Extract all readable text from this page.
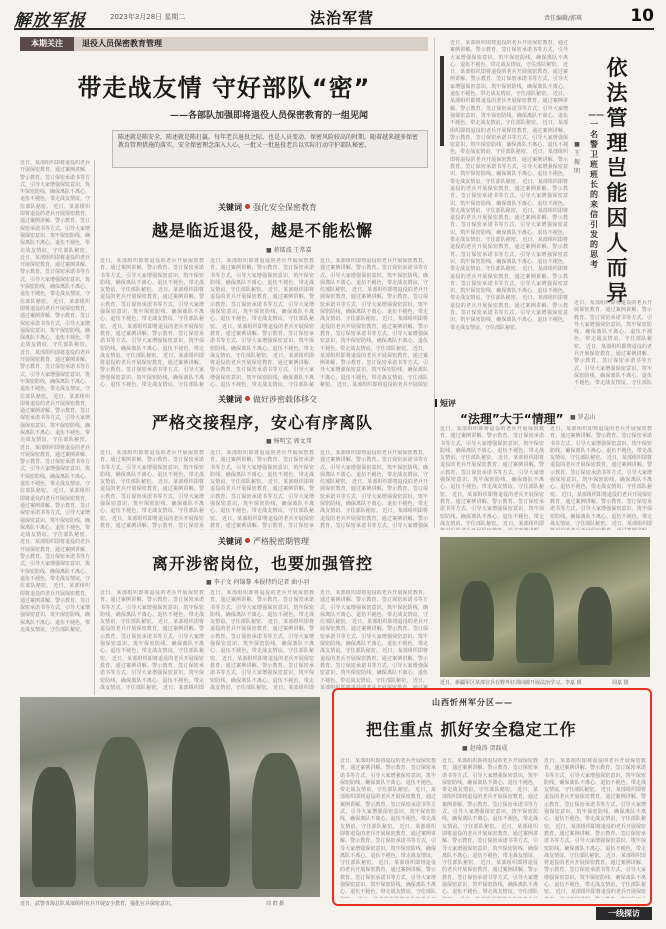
解放军报	2023年3月28日 星期二	法治军营	责任编辑/郭琪	10
本期关注	退役人员保密教育管理
带走战友情 守好部队“密”
——各部队加强即将退役人员保密教育的一组见闻
陈述就是陈安全，陈述就是陈打赢。每年老兵退役之际，也是人员变动、保密风险较高的时期。随着越来越多保密教育管理措施的落实，安全保密理念深入人心，一批又一批退役老兵以实际行动守护部队秘密。
近日，某部组织即将退役的老兵开展保密教育，通过案例讲解、警示教育、签订保密承诺书等方式，引导大家增强保密意识，筑牢保密防线，确保离队不离心、退伍不褪色，带走战友情谊，守住部队秘密。 近日，某部组织即将退役的老兵开展保密教育，通过案例讲解、警示教育、签订保密承诺书等方式，引导大家增强保密意识，筑牢保密防线，确保离队不离心、退伍不褪色，带走战友情谊，守住部队秘密。 近日，某部组织即将退役的老兵开展保密教育，通过案例讲解、警示教育、签订保密承诺书等方式，引导大家增强保密意识，筑牢保密防线，确保离队不离心、退伍不褪色，带走战友情谊，守住部队秘密。 近日，某部组织即将退役的老兵开展保密教育，通过案例讲解、警示教育、签订保密承诺书等方式，引导大家增强保密意识，筑牢保密防线，确保离队不离心、退伍不褪色，带走战友情谊，守住部队秘密。 近日，某部组织即将退役的老兵开展保密教育，通过案例讲解、警示教育、签订保密承诺书等方式，引导大家增强保密意识，筑牢保密防线，确保离队不离心、退伍不褪色，带走战友情谊，守住部队秘密。 近日，某部组织即将退役的老兵开展保密教育，通过案例讲解、警示教育、签订保密承诺书等方式，引导大家增强保密意识，筑牢保密防线，确保离队不离心、退伍不褪色，带走战友情谊，守住部队秘密。 近日，某部组织即将退役的老兵开展保密教育，通过案例讲解、警示教育、签订保密承诺书等方式，引导大家增强保密意识，筑牢保密防线，确保离队不离心、退伍不褪色，带走战友情谊，守住部队秘密。 近日，某部组织即将退役的老兵开展保密教育，通过案例讲解、警示教育、签订保密承诺书等方式，引导大家增强保密意识，筑牢保密防线，确保离队不离心、退伍不褪色，带走战友情谊，守住部队秘密。 近日，某部组织即将退役的老兵开展保密教育，通过案例讲解、警示教育、签订保密承诺书等方式，引导大家增强保密意识，筑牢保密防线，确保离队不离心、退伍不褪色，带走战友情谊，守住部队秘密。 近日，某部组织即将退役的老兵开展保密教育，通过案例讲解、警示教育、签订保密承诺书等方式，引导大家增强保密意识，筑牢保密防线，确保离队不离心、退伍不褪色，带走战友情谊，守住部队秘密。
关键词 强化安全保密教育
越是临近退役，越是不能松懈
■ 蒋镭波 王常嘉
近日，某部组织即将退役的老兵开展保密教育，通过案例讲解、警示教育、签订保密承诺书等方式，引导大家增强保密意识，筑牢保密防线，确保离队不离心、退伍不褪色，带走战友情谊，守住部队秘密。 近日，某部组织即将退役的老兵开展保密教育，通过案例讲解、警示教育、签订保密承诺书等方式，引导大家增强保密意识，筑牢保密防线，确保离队不离心、退伍不褪色，带走战友情谊，守住部队秘密。 近日，某部组织即将退役的老兵开展保密教育，通过案例讲解、警示教育、签订保密承诺书等方式，引导大家增强保密意识，筑牢保密防线，确保离队不离心、退伍不褪色，带走战友情谊，守住部队秘密。 近日，某部组织即将退役的老兵开展保密教育，通过案例讲解、警示教育、签订保密承诺书等方式，引导大家增强保密意识，筑牢保密防线，确保离队不离心、退伍不褪色，带走战友情谊，守住部队秘
近日，某部组织即将退役的老兵开展保密教育，通过案例讲解、警示教育、签订保密承诺书等方式，引导大家增强保密意识，筑牢保密防线，确保离队不离心、退伍不褪色，带走战友情谊，守住部队秘密。 近日，某部组织即将退役的老兵开展保密教育，通过案例讲解、警示教育、签订保密承诺书等方式，引导大家增强保密意识，筑牢保密防线，确保离队不离心、退伍不褪色，带走战友情谊，守住部队秘密。 近日，某部组织即将退役的老兵开展保密教育，通过案例讲解、警示教育、签订保密承诺书等方式，引导大家增强保密意识，筑牢保密防线，确保离队不离心、退伍不褪色，带走战友情谊，守住部队秘密。 近日，某部组织即将退役的老兵开展保密教育，通过案例讲解、警示教育、签订保密承诺书等方式，引导大家增强保密意识，筑牢保密防线，确保离队不离心、退伍不褪色，带走战友情谊，守住部队秘
近日，某部组织即将退役的老兵开展保密教育，通过案例讲解、警示教育、签订保密承诺书等方式，引导大家增强保密意识，筑牢保密防线，确保离队不离心、退伍不褪色，带走战友情谊，守住部队秘密。 近日，某部组织即将退役的老兵开展保密教育，通过案例讲解、警示教育、签订保密承诺书等方式，引导大家增强保密意识，筑牢保密防线，确保离队不离心、退伍不褪色，带走战友情谊，守住部队秘密。 近日，某部组织即将退役的老兵开展保密教育，通过案例讲解、警示教育、签订保密承诺书等方式，引导大家增强保密意识，筑牢保密防线，确保离队不离心、退伍不褪色，带走战友情谊，守住部队秘密。 近日，某部组织即将退役的老兵开展保密教育，通过案例讲解、警示教育、签订保密承诺书等方式，引导大家增强保密意识，筑牢保密防线，确保离队不离心、退伍不褪色，带走战友情谊，守住部队秘密。 近日，某部组织即将退役的老兵开展保密
关键词 做好涉密载体移交
严格交接程序，安心有序离队
■ 杨明宝 郭文邦
近日，某部组织即将退役的老兵开展保密教育，通过案例讲解、警示教育、签订保密承诺书等方式，引导大家增强保密意识，筑牢保密防线，确保离队不离心、退伍不褪色，带走战友情谊，守住部队秘密。 近日，某部组织即将退役的老兵开展保密教育，通过案例讲解、警示教育、签订保密承诺书等方式，引导大家增强保密意识，筑牢保密防线，确保离队不离心、退伍不褪色，带走战友情谊，守住部队秘密。 近日，某部组织即将退役的老兵开展保密教育，通过案例讲解、警示教育、签订保密承
近日，某部组织即将退役的老兵开展保密教育，通过案例讲解、警示教育、签订保密承诺书等方式，引导大家增强保密意识，筑牢保密防线，确保离队不离心、退伍不褪色，带走战友情谊，守住部队秘密。 近日，某部组织即将退役的老兵开展保密教育，通过案例讲解、警示教育、签订保密承诺书等方式，引导大家增强保密意识，筑牢保密防线，确保离队不离心、退伍不褪色，带走战友情谊，守住部队秘密。 近日，某部组织即将退役的老兵开展保密教育，通过案例讲解、警示教育、签订保密承
近日，某部组织即将退役的老兵开展保密教育，通过案例讲解、警示教育、签订保密承诺书等方式，引导大家增强保密意识，筑牢保密防线，确保离队不离心、退伍不褪色，带走战友情谊，守住部队秘密。 近日，某部组织即将退役的老兵开展保密教育，通过案例讲解、警示教育、签订保密承诺书等方式，引导大家增强保密意识，筑牢保密防线，确保离队不离心、退伍不褪色，带走战友情谊，守住部队秘密。 近日，某部组织即将退役的老兵开展保密教育，通过案例讲解、警示教育、签订保密承诺书等方式，引导大家增强保
关键词 严格脱密期管理
离开涉密岗位，也要加强管控
■ 李子文 何锦黎 本报特约记者 曲小羽
近日，某部组织即将退役的老兵开展保密教育，通过案例讲解、警示教育、签订保密承诺书等方式，引导大家增强保密意识，筑牢保密防线，确保离队不离心、退伍不褪色，带走战友情谊，守住部队秘密。 近日，某部组织即将退役的老兵开展保密教育，通过案例讲解、警示教育、签订保密承诺书等方式，引导大家增强保密意识，筑牢保密防线，确保离队不离心、退伍不褪色，带走战友情谊，守住部队秘密。 近日，某部组织即将退役的老兵开展保密教育，通过案例讲解、警示教育、签订保密承诺书等方式，引导大家增强保密意识，筑牢保密防线，确保离队不离心、退伍不褪色，带走战友情谊，守住部队秘密。 近日，某部组织即
近日，某部组织即将退役的老兵开展保密教育，通过案例讲解、警示教育、签订保密承诺书等方式，引导大家增强保密意识，筑牢保密防线，确保离队不离心、退伍不褪色，带走战友情谊，守住部队秘密。 近日，某部组织即将退役的老兵开展保密教育，通过案例讲解、警示教育、签订保密承诺书等方式，引导大家增强保密意识，筑牢保密防线，确保离队不离心、退伍不褪色，带走战友情谊，守住部队秘密。 近日，某部组织即将退役的老兵开展保密教育，通过案例讲解、警示教育、签订保密承诺书等方式，引导大家增强保密意识，筑牢保密防线，确保离队不离心、退伍不褪色，带走战友情谊，守住部队秘密。 近日，某部组织即
近日，某部组织即将退役的老兵开展保密教育，通过案例讲解、警示教育、签订保密承诺书等方式，引导大家增强保密意识，筑牢保密防线，确保离队不离心、退伍不褪色，带走战友情谊，守住部队秘密。 近日，某部组织即将退役的老兵开展保密教育，通过案例讲解、警示教育、签订保密承诺书等方式，引导大家增强保密意识，筑牢保密防线，确保离队不离心、退伍不褪色，带走战友情谊，守住部队秘密。 近日，某部组织即将退役的老兵开展保密教育，通过案例讲解、警示教育、签订保密承诺书等方式，引导大家增强保密意识，筑牢保密防线，确保离队不离心、退伍不褪色，带走战友情谊，守住部队秘密。 近日，某部组织即将退役的老兵开展保密教育，通过案
依法管理岂能因人而异
——一名警卫班班长的来信引发的思考
■ 王振明
近日，某部组织即将退役的老兵开展保密教育，通过案例讲解、警示教育、签订保密承诺书等方式，引导大家增强保密意识，筑牢保密防线，确保离队不离心、退伍不褪色，带走战友情谊，守住部队秘密。 近日，某部组织即将退役的老兵开展保密教育，通过案例讲解、警示教育、签订保密承诺书等方式，引导大家增强保密意识，筑牢保密防线，确保离队不离心、退伍不褪色，带走战友情谊，守住部队秘密。 近日，某部组织即将退役的老兵开展保密教育，通过案例讲解、警示教育、签订保密承诺书等方式，引导大家增强保密意识，筑牢保密防线，确保离队不离心、退伍不褪色，带走战友情谊，守住部队秘密。 近日，某部组织即将退役的老兵开展保密教育，通过案例讲解、警示教育、签订保密承诺书等方式，引导大家增强保密意识，筑牢保密防线，确保离队不离心、退伍不褪色，带走战友情谊，守住部队秘密。 近日，某部组织即将退役的老兵开展保密教育，通过案例讲解、警示教育、签订保密承诺书等方式，引导大家增强保密意识，筑牢保密防线，确保离队不离心、退伍不褪色，带走战友情谊，守住部队秘密。 近日，某部组织即将退役的老兵开展保密教育，通过案例讲解、警示教育、签订保密承诺书等方式，引导大家增强保密意识，筑牢保密防线，确保离队不离心、退伍不褪色，带走战友情谊，守住部队秘密。 近日，某部组织即将退役的老兵开展保密教育，通过案例讲解、警示教育、签订保密承诺书等方式，引导大家增强保密意识，筑牢保密防线，确保离队不离心、退伍不褪色，带走战友情谊，守住部队秘密。 近日，某部组织即将退役的老兵开展保密教育，通过案例讲解、警示教育、签订保密承诺书等方式，引导大家增强保密意识，筑牢保密防线，确保离队不离心、退伍不褪色，带走战友情谊，守住部队秘密。 近日，某部组织即将退役的老兵开展保密教育，通过案例讲解、警示教育、签订保密承诺书等方式，引导大家增强保密意识，筑牢保密防线，确保离队不离心、退伍不褪色，带走战友情谊，守住部队秘密。 近日，某部组织即将退役的老兵开展保密教育，通过案例讲解、警示教育、签订保密承诺书等方式，引导大家增强保密意识，筑牢保密防线，确保离队不离心、退伍不褪色，带走战友情谊，守住部队秘密。
近日，某部组织即将退役的老兵开展保密教育，通过案例讲解、警示教育、签订保密承诺书等方式，引导大家增强保密意识，筑牢保密防线，确保离队不离心、退伍不褪色，带走战友情谊，守住部队秘密。 近日，某部组织即将退役的老兵开展保密教育，通过案例讲解、警示教育、签订保密承诺书等方式，引导大家增强保密意识，筑牢保密防线，确保离队不离心、退伍不褪色，带走战友情谊，守住部队
短评
“法理”大于“情理” ■ 罗志山
近日，某部组织即将退役的老兵开展保密教育，通过案例讲解、警示教育、签订保密承诺书等方式，引导大家增强保密意识，筑牢保密防线，确保离队不离心、退伍不褪色，带走战友情谊，守住部队秘密。 近日，某部组织即将退役的老兵开展保密教育，通过案例讲解、警示教育、签订保密承诺书等方式，引导大家增强保密意识，筑牢保密防线，确保离队不离心、退伍不褪色，带走战友情谊，守住部队秘密。 近日，某部组织即将退役的老兵开展保密教育，通过案例讲解、警示教育、签订保密承诺书等方式，引导大家增强保密意识，筑牢保密防线，确保离队不离心、退伍不褪色，带走战友情谊，守住部队秘密。 近日，某部组织即
近日，某部组织即将退役的老兵开展保密教育，通过案例讲解、警示教育、签订保密承诺书等方式，引导大家增强保密意识，筑牢保密防线，确保离队不离心、退伍不褪色，带走战友情谊，守住部队秘密。 近日，某部组织即将退役的老兵开展保密教育，通过案例讲解、警示教育、签订保密承诺书等方式，引导大家增强保密意识，筑牢保密防线，确保离队不离心、退伍不褪色，带走战友情谊，守住部队秘密。 近日，某部组织即将退役的老兵开展保密教育，通过案例讲解、警示教育、签订保密承诺书等方式，引导大家增强保密意识，筑牢保密防线，确保离队不离心、退伍不褪色，带走战友情谊，守住部队秘密。 近日，某部组织即
近日，新疆军区某部官兵在野外驻训间隙开展法治学习。李嘉 摄	周嘉 摄
近日，武警青海总队某部组织官兵开展安全教育，强化官兵保密意识。	周 群 摄
山西忻州军分区——
把住重点 抓好安全稳定工作
■ 赵琦涛 贺磊成
近日，某部组织即将退役的老兵开展保密教育，通过案例讲解、警示教育、签订保密承诺书等方式，引导大家增强保密意识，筑牢保密防线，确保离队不离心、退伍不褪色，带走战友情谊，守住部队秘密。 近日，某部组织即将退役的老兵开展保密教育，通过案例讲解、警示教育、签订保密承诺书等方式，引导大家增强保密意识，筑牢保密防线，确保离队不离心、退伍不褪色，带走战友情谊，守住部队秘密。 近日，某部组织即将退役的老兵开展保密教育，通过案例讲解、警示教育、签订保密承诺书等方式，引导大家增强保密意识，筑牢保密防线，确保离队不离心、退伍不褪色，带走战友情谊，守住部队秘密。 近日，某部组织即将退役的老兵开展保密教育，通过案例讲解、警示教育、签订保密承诺书等方式，引导大家增强保密意识，筑牢保密防线，确保离队不离心、退伍不褪色，带走战友情谊，守住部队
近日，某部组织即将退役的老兵开展保密教育，通过案例讲解、警示教育、签订保密承诺书等方式，引导大家增强保密意识，筑牢保密防线，确保离队不离心、退伍不褪色，带走战友情谊，守住部队秘密。 近日，某部组织即将退役的老兵开展保密教育，通过案例讲解、警示教育、签订保密承诺书等方式，引导大家增强保密意识，筑牢保密防线，确保离队不离心、退伍不褪色，带走战友情谊，守住部队秘密。 近日，某部组织即将退役的老兵开展保密教育，通过案例讲解、警示教育、签订保密承诺书等方式，引导大家增强保密意识，筑牢保密防线，确保离队不离心、退伍不褪色，带走战友情谊，守住部队秘密。 近日，某部组织即将退役的老兵开展保密教育，通过案例讲解、警示教育、签订保密承诺书等方式，引导大家增强保密意识，筑牢保密防线，确保离队不离心、退伍不褪色，带走战友情谊，守住部队
近日，某部组织即将退役的老兵开展保密教育，通过案例讲解、警示教育、签订保密承诺书等方式，引导大家增强保密意识，筑牢保密防线，确保离队不离心、退伍不褪色，带走战友情谊，守住部队秘密。 近日，某部组织即将退役的老兵开展保密教育，通过案例讲解、警示教育、签订保密承诺书等方式，引导大家增强保密意识，筑牢保密防线，确保离队不离心、退伍不褪色，带走战友情谊，守住部队秘密。 近日，某部组织即将退役的老兵开展保密教育，通过案例讲解、警示教育、签订保密承诺书等方式，引导大家增强保密意识，筑牢保密防线，确保离队不离心、退伍不褪色，带走战友情谊，守住部队秘密。 近日，某部组织即将退役的老兵开展保密教育，通过案例讲解、警示教育、签订保密承诺书等方式，引导大家增强保密意识，筑牢保密防线，确保离队不离心、退伍不褪色，带走战友情谊，守住部队秘密。 近日，某部组织即将退役的老兵开展保密
一线探访
